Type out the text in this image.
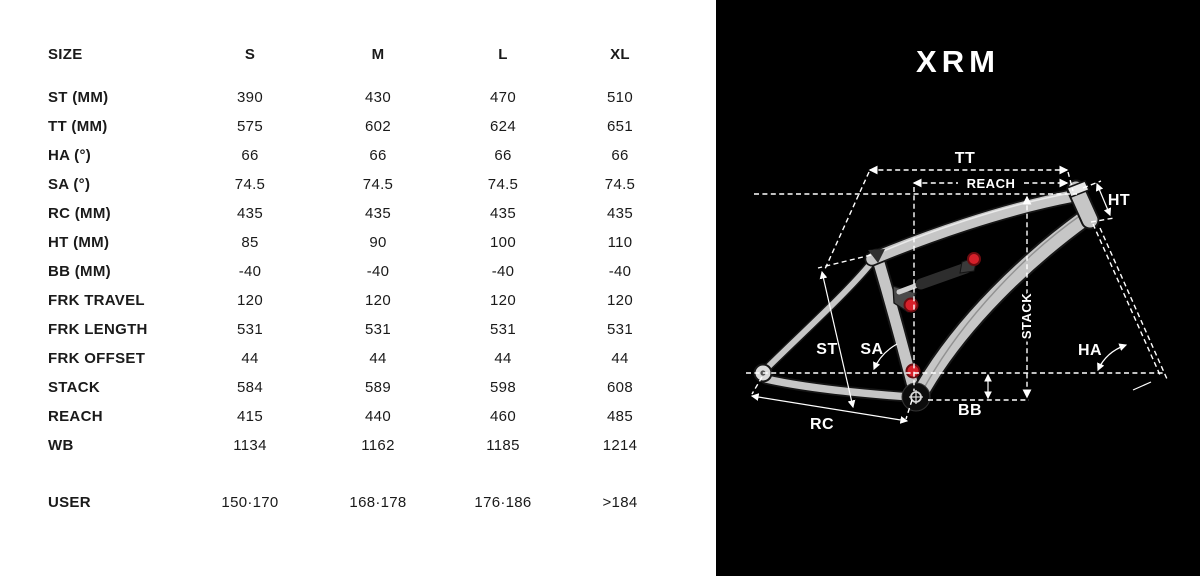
SIZE	S	M	L	XL
ST (MM)	390	430	470	510
TT (MM)	575	602	624	651
HA (°)	66	66	66	66
SA (°)	74.5	74.5	74.5	74.5
RC (MM)	435	435	435	435
HT (MM)	85	90	100	110
BB (MM)	-40	-40	-40	-40
FRK TRAVEL	120	120	120	120
FRK LENGTH	531	531	531	531
FRK OFFSET	44	44	44	44
STACK	584	589	598	608
REACH	415	440	460	485
WB	1134	1162	1185	1214
USER	150·170	168·178	176·186	>184
XRM
TT
REACH
HT
ST SA
STACK
HA
RC
BB
